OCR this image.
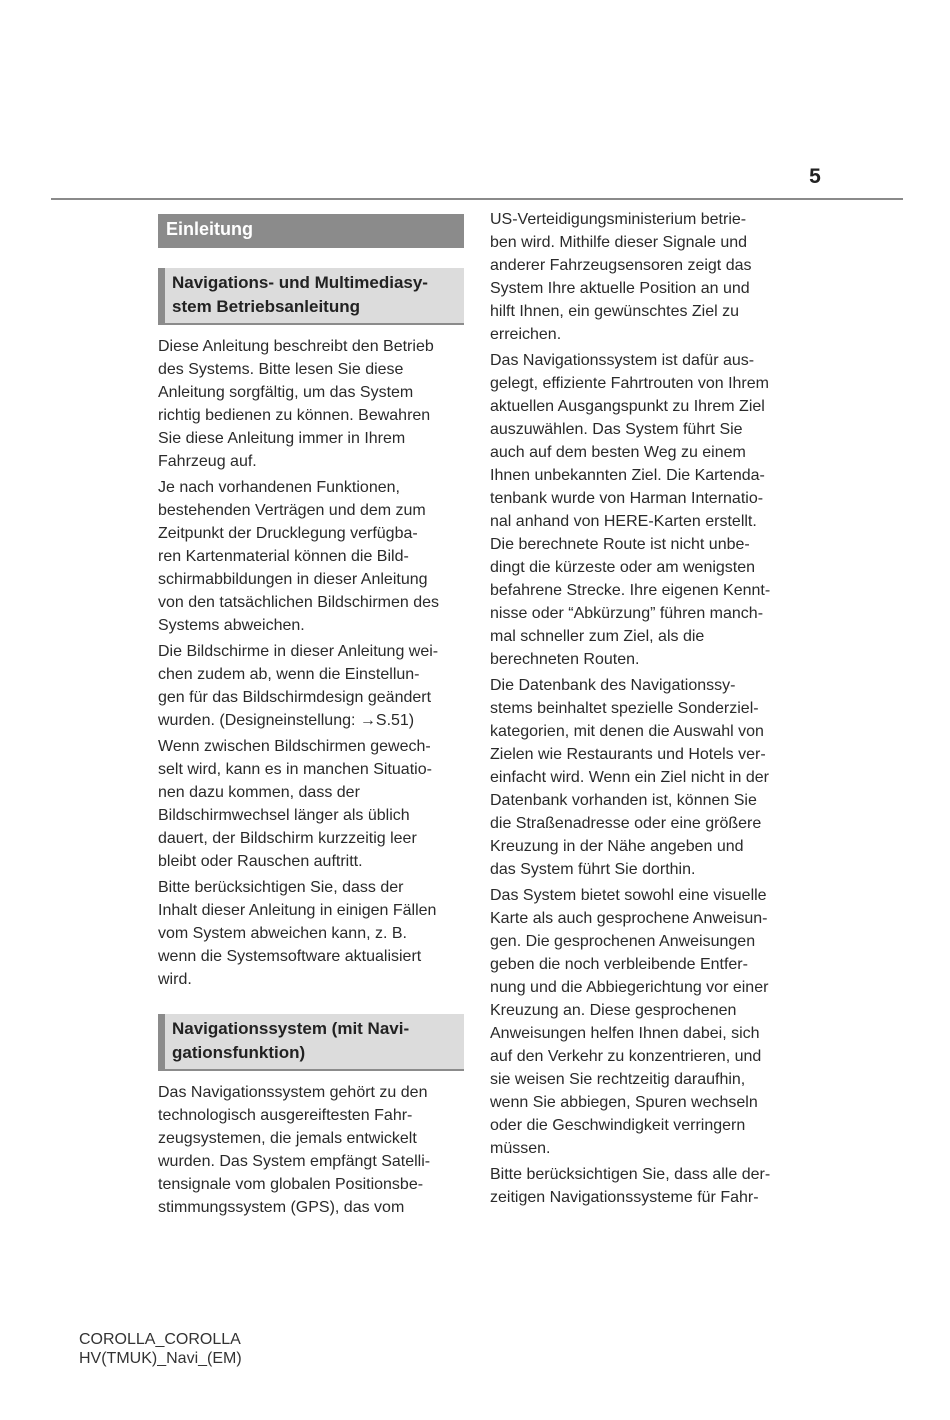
5
Einleitung
Navigations- und Multimediasy-
stem Betriebsanleitung

Diese Anleitung beschreibt den Betrieb
des Systems. Bitte lesen Sie diese
Anleitung sorgfältig, um das System
richtig bedienen zu können. Bewahren
Sie diese Anleitung immer in Ihrem
Fahrzeug auf.

Je nach vorhandenen Funktionen,
bestehenden Verträgen und dem zum
Zeitpunkt der Drucklegung verfügba-
ren Kartenmaterial können die Bild-
schirmabbildungen in dieser Anleitung
von den tatsächlichen Bildschirmen des
Systems abweichen.

Die Bildschirme in dieser Anleitung wei-
chen zudem ab, wenn die Einstellun-
gen für das Bildschirmdesign geändert
wurden. (Designeinstellung: →S.51)

Wenn zwischen Bildschirmen gewech-
selt wird, kann es in manchen Situatio-
nen dazu kommen, dass der
Bildschirmwechsel länger als üblich
dauert, der Bildschirm kurzzeitig leer
bleibt oder Rauschen auftritt.

Bitte berücksichtigen Sie, dass der
Inhalt dieser Anleitung in einigen Fällen
vom System abweichen kann, z. B.
wenn die Systemsoftware aktualisiert
wird.

Navigationssystem (mit Navi-
gationsfunktion)

Das Navigationssystem gehört zu den
technologisch ausgereiftesten Fahr-
zeugsystemen, die jemals entwickelt
wurden. Das System empfängt Satelli-
tensignale vom globalen Positionsbe-
stimmungssystem (GPS), das vom

US-Verteidigungsministerium betrie-
ben wird. Mithilfe dieser Signale und
anderer Fahrzeugsensoren zeigt das
System Ihre aktuelle Position an und
hilft Ihnen, ein gewünschtes Ziel zu
erreichen.

Das Navigationssystem ist dafür aus-
gelegt, effiziente Fahrtrouten von Ihrem
aktuellen Ausgangspunkt zu Ihrem Ziel
auszuwählen. Das System führt Sie
auch auf dem besten Weg zu einem
Ihnen unbekannten Ziel. Die Kartenda-
tenbank wurde von Harman Internatio-
nal anhand von HERE-Karten erstellt.
Die berechnete Route ist nicht unbe-
dingt die kürzeste oder am wenigsten
befahrene Strecke. Ihre eigenen Kennt-
nisse oder “Abkürzung” führen manch-
mal schneller zum Ziel, als die
berechneten Routen.

Die Datenbank des Navigationssy-
stems beinhaltet spezielle Sonderziel-
kategorien, mit denen die Auswahl von
Zielen wie Restaurants und Hotels ver-
einfacht wird. Wenn ein Ziel nicht in der
Datenbank vorhanden ist, können Sie
die Straßenadresse oder eine größere
Kreuzung in der Nähe angeben und
das System führt Sie dorthin.

Das System bietet sowohl eine visuelle
Karte als auch gesprochene Anweisun-
gen. Die gesprochenen Anweisungen
geben die noch verbleibende Entfer-
nung und die Abbiegerichtung vor einer
Kreuzung an. Diese gesprochenen
Anweisungen helfen Ihnen dabei, sich
auf den Verkehr zu konzentrieren, und
sie weisen Sie rechtzeitig daraufhin,
wenn Sie abbiegen, Spuren wechseln
oder die Geschwindigkeit verringern
müssen.

Bitte berücksichtigen Sie, dass alle der-
zeitigen Navigationssysteme für Fahr-

COROLLA_COROLLA
HV(TMUK)_Navi_(EM)
